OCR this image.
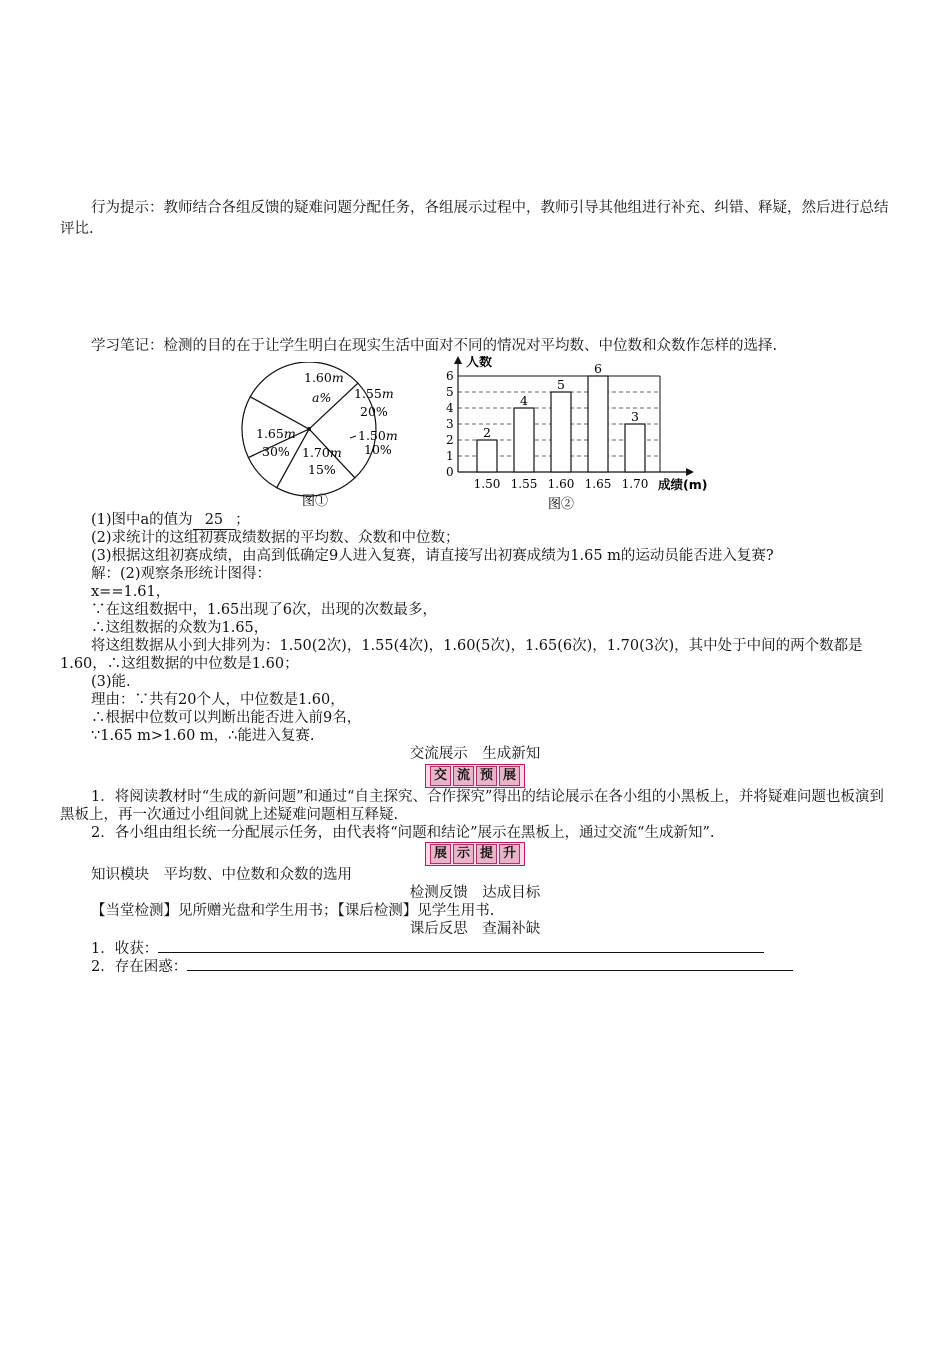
行为提示：教师结合各组反馈的疑难问题分配任务，各组展示过程中，教师引导其他组进行补充、纠错、释疑，然后进行总结评比.
学习笔记：检测的目的在于让学生明白在现实生活中面对不同的情况对平均数、中位数和众数作怎样的选择.
1.60m
a% 1.55m
20%
1.65m
30% 1.70m
15%
1.50m
10%
图①
2
4
5
6
3
0
1
2
3
4
5
6
1.50 1.55 1.60 1.65 1.70
人数
成绩(m)
图②
(1)图中a的值为 25 ；
(2)求统计的这组初赛成绩数据的平均数、众数和中位数；
(3)根据这组初赛成绩，由高到低确定9人进入复赛，请直接写出初赛成绩为1.65 m的运动员能否进入复赛?
解：(2)观察条形统计图得：
x==1.61，
∵在这组数据中，1.65出现了6次，出现的次数最多，
∴这组数据的众数为1.65，
将这组数据从小到大排列为：1.50(2次)，1.55(4次)，1.60(5次)，1.65(6次)，1.70(3次)，其中处于中间的两个数都是1.60，∴这组数据的中位数是1.60；
(3)能.
理由：∵共有20个人，中位数是1.60，
∴根据中位数可以判断出能否进入前9名，
∵1.65 m>1.60 m，∴能进入复赛.
交流展示　生成新知
交 流 预 展
1．将阅读教材时“生成的新问题”和通过“自主探究、合作探究”得出的结论展示在各小组的小黑板上，并将疑难问题也板演到黑板上，再一次通过小组间就上述疑难问题相互释疑.
2．各小组由组长统一分配展示任务，由代表将“问题和结论”展示在黑板上，通过交流“生成新知”.
展 示 提 升
知识模块　平均数、中位数和众数的选用
检测反馈　达成目标
【当堂检测】见所赠光盘和学生用书；【课后检测】见学生用书.
课后反思　查漏补缺
1．收获：
2．存在困惑：
